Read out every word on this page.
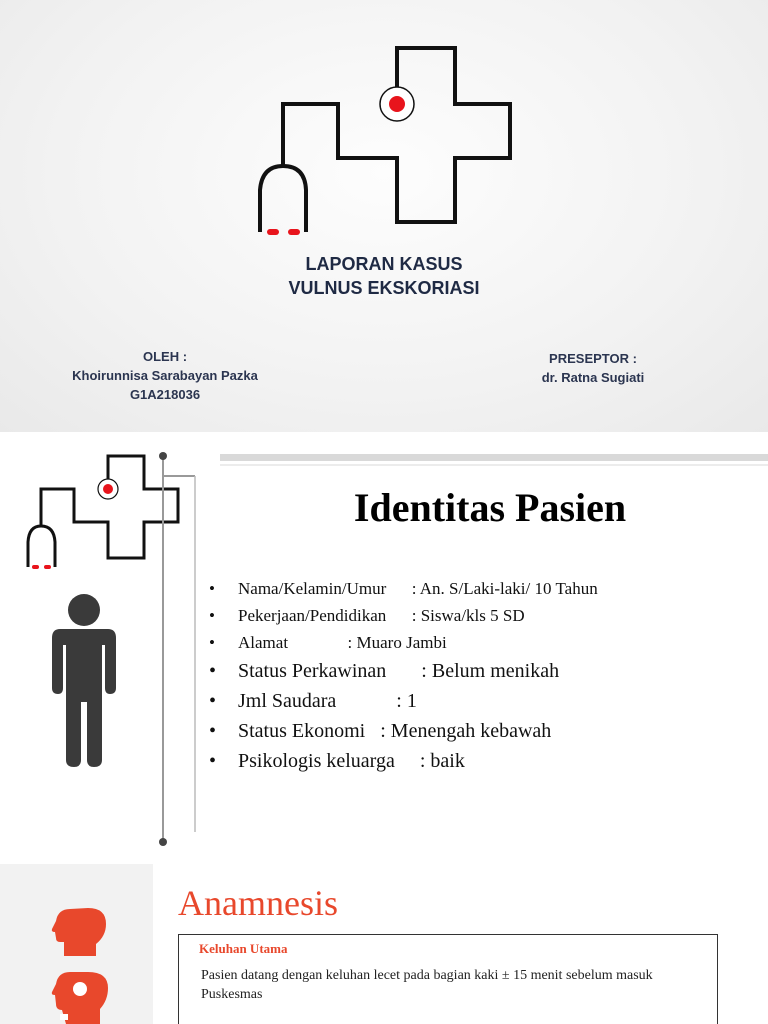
LAPORAN KASUS
VULNUS EKSKORIASI
OLEH :
Khoirunnisa Sarabayan Pazka
G1A218036
PRESEPTOR :
dr. Ratna Sugiati
Identitas Pasien
• Nama/Kelamin/Umur      : An. S/Laki-laki/ 10 Tahun
• Pekerjaan/Pendidikan      : Siswa/kls 5 SD
• Alamat              : Muaro Jambi
• Status Perkawinan       : Belum menikah
• Jml Saudara            : 1
• Status Ekonomi   : Menengah kebawah
• Psikologis keluarga     : baik
Anamnesis
Keluhan Utama
Pasien datang dengan keluhan lecet pada bagian kaki ± 15 menit sebelum masuk Puskesmas
